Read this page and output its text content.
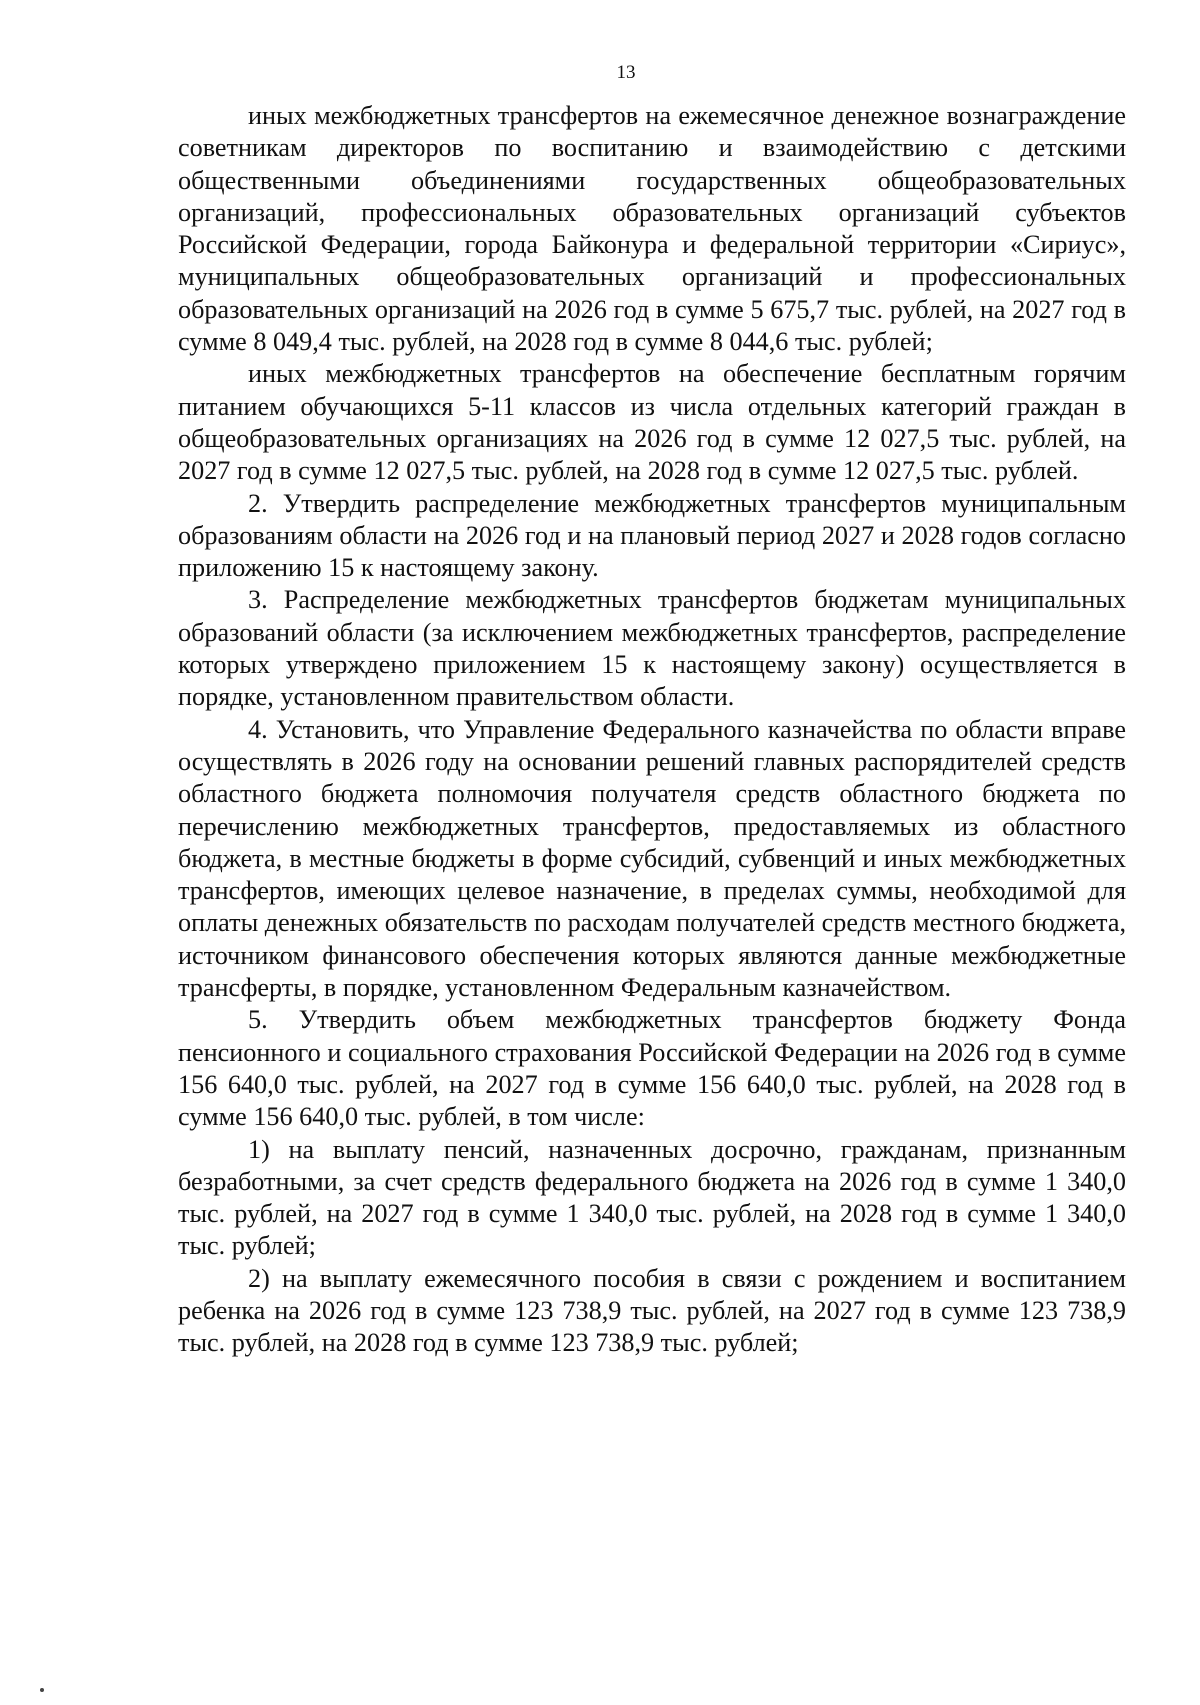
13

иных межбюджетных трансфертов на ежемесячное денежное вознаграждение советникам директоров по воспитанию и взаимодействию с детскими общественными объединениями государственных общеобразовательных организаций, профессиональных образовательных организаций субъектов Российской Федерации, города Байконура и федеральной территории «Сириус», муниципальных общеобразовательных организаций и профессиональных образовательных организаций на 2026 год в сумме 5 675,7 тыс. рублей, на 2027 год в сумме 8 049,4 тыс. рублей, на 2028 год в сумме 8 044,6 тыс. рублей;

иных межбюджетных трансфертов на обеспечение бесплатным горячим питанием обучающихся 5-11 классов из числа отдельных категорий граждан в общеобразовательных организациях на 2026 год в сумме 12 027,5 тыс. рублей, на 2027 год в сумме 12 027,5 тыс. рублей, на 2028 год в сумме 12 027,5 тыс. рублей.

2. Утвердить распределение межбюджетных трансфертов муниципальным образованиям области на 2026 год и на плановый период 2027 и 2028 годов согласно приложению 15 к настоящему закону.

3. Распределение межбюджетных трансфертов бюджетам муниципальных образований области (за исключением межбюджетных трансфертов, распределение которых утверждено приложением 15 к настоящему закону) осуществляется в порядке, установленном правительством области.

4. Установить, что Управление Федерального казначейства по области вправе осуществлять в 2026 году на основании решений главных распорядителей средств областного бюджета полномочия получателя средств областного бюджета по перечислению межбюджетных трансфертов, предоставляемых из областного бюджета, в местные бюджеты в форме субсидий, субвенций и иных межбюджетных трансфертов, имеющих целевое назначение, в пределах суммы, необходимой для оплаты денежных обязательств по расходам получателей средств местного бюджета, источником финансового обеспечения которых являются данные межбюджетные трансферты, в порядке, установленном Федеральным казначейством.

5. Утвердить объем межбюджетных трансфертов бюджету Фонда пенсионного и социального страхования Российской Федерации на 2026 год в сумме 156 640,0 тыс. рублей, на 2027 год в сумме 156 640,0 тыс. рублей, на 2028 год в сумме 156 640,0 тыс. рублей, в том числе:

1) на выплату пенсий, назначенных досрочно, гражданам, признанным безработными, за счет средств федерального бюджета на 2026 год в сумме 1 340,0 тыс. рублей, на 2027 год в сумме 1 340,0 тыс. рублей, на 2028 год в сумме 1 340,0 тыс. рублей;

2) на выплату ежемесячного пособия в связи с рождением и воспитанием ребенка на 2026 год в сумме 123 738,9 тыс. рублей, на 2027 год в сумме 123 738,9 тыс. рублей, на 2028 год в сумме 123 738,9 тыс. рублей;
